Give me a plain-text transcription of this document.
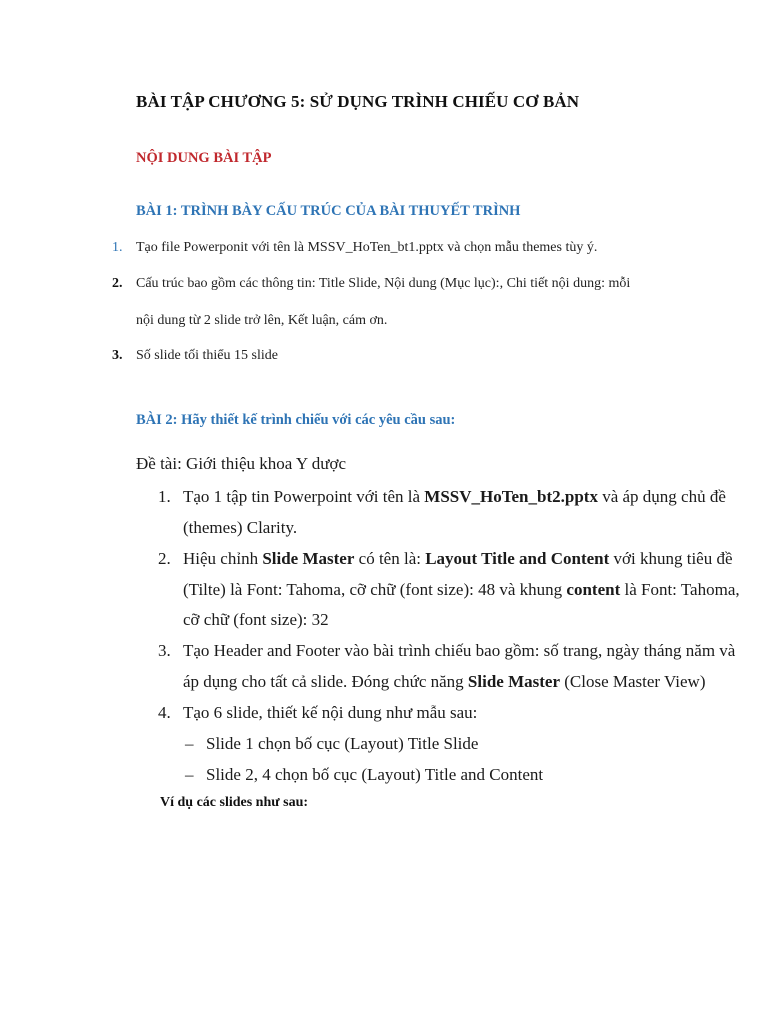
BÀI TẬP CHƯƠNG 5: SỬ DỤNG TRÌNH CHIẾU CƠ BẢN
NỘI DUNG BÀI TẬP
BÀI 1: TRÌNH BÀY CẤU TRÚC CỦA BÀI THUYẾT TRÌNH
1. Tạo file Powerponit với tên là MSSV_HoTen_bt1.pptx và chọn mẫu themes tùy ý.
2. Cấu trúc bao gồm các thông tin: Title Slide, Nội dung (Mục lục):, Chi tiết nội dung: mỗi
nội dung từ 2 slide trở lên, Kết luận, cám ơn.
3. Số slide tối thiểu 15 slide
BÀI 2: Hãy thiết kế trình chiếu với các yêu cầu sau:
Đề tài: Giới thiệu khoa Y dược
1. Tạo 1 tập tin Powerpoint với tên là MSSV_HoTen_bt2.pptx và áp dụng chủ đề
(themes) Clarity.
2. Hiệu chỉnh Slide Master có tên là: Layout Title and Content với khung tiêu đề
(Tilte) là Font: Tahoma, cỡ chữ (font size): 48 và khung content là Font: Tahoma,
cỡ chữ (font size): 32
3. Tạo Header and Footer vào bài trình chiếu bao gồm: số trang, ngày tháng năm và
áp dụng cho tất cả slide. Đóng chức năng Slide Master (Close Master View)
4. Tạo 6 slide, thiết kế nội dung như mẫu sau:
– Slide 1 chọn bố cục (Layout) Title Slide
– Slide 2, 4 chọn bố cục (Layout) Title and Content
Ví dụ các slides như sau:
